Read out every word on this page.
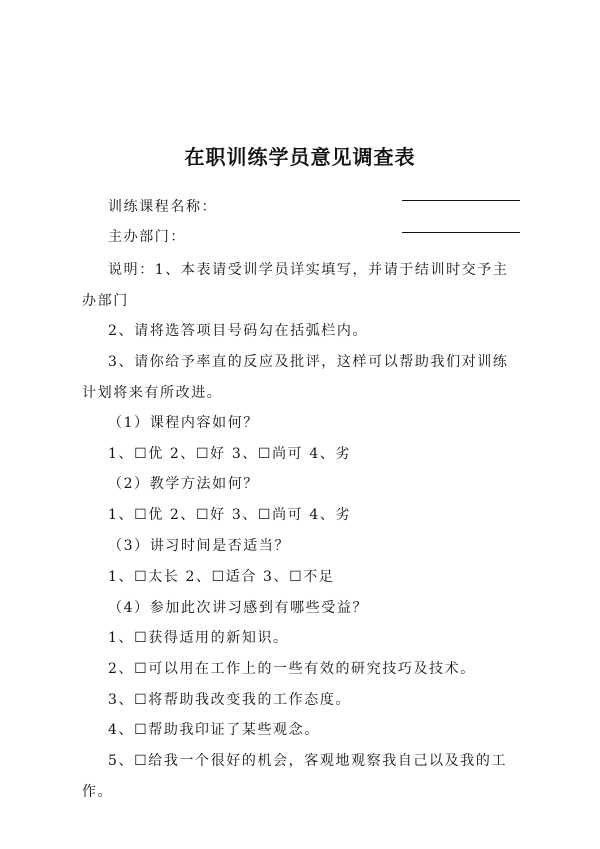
在职训练学员意见调查表
训练课程名称：
主办部门：
说明：1、本表请受训学员详实填写，并请于结训时交予主
办部门
2、请将选答项目号码勾在括弧栏内。
3、请你给予率直的反应及批评，这样可以帮助我们对训练
计划将来有所改进。
（1）课程内容如何？
1、☐优 2、☐好 3、☐尚可 4、劣
（2）教学方法如何？
1、☐优 2、☐好 3、☐尚可 4、劣
（3）讲习时间是否适当？
1、☐太长 2、☐适合 3、☐不足
（4）参加此次讲习感到有哪些受益？
1、☐获得适用的新知识。
2、☐可以用在工作上的一些有效的研究技巧及技术。
3、☐将帮助我改变我的工作态度。
4、☐帮助我印证了某些观念。
5、☐给我一个很好的机会，客观地观察我自己以及我的工
作。
